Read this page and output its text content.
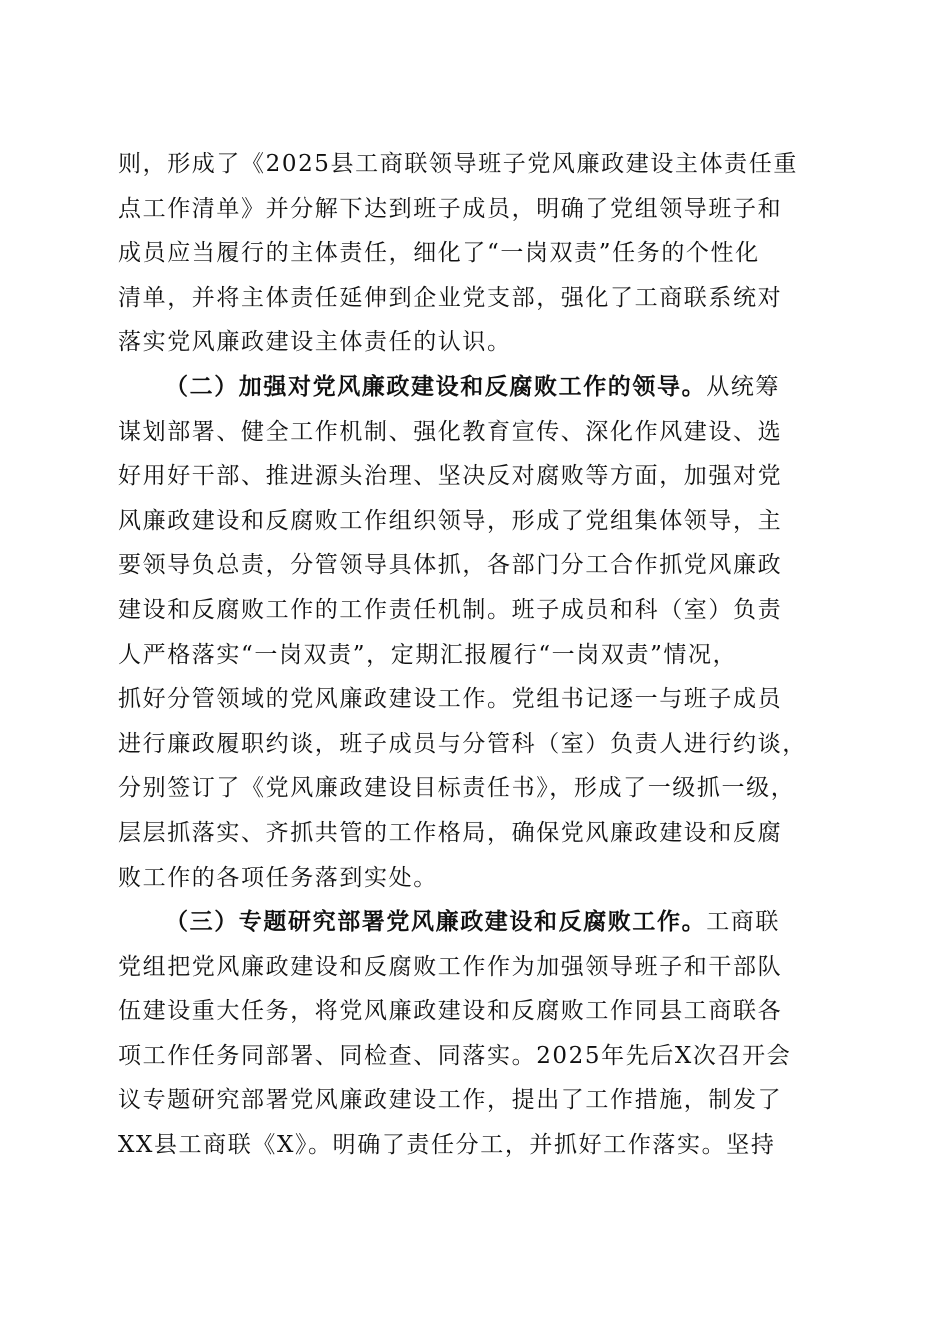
则，形成了《2025县工商联领导班子党风廉政建设主体责任重
点工作清单》并分解下达到班子成员，明确了党组领导班子和
成员应当履行的主体责任，细化了“一岗双责”任务的个性化
清单，并将主体责任延伸到企业党支部，强化了工商联系统对
落实党风廉政建设主体责任的认识。
（二）加强对党风廉政建设和反腐败工作的领导。从统筹
谋划部署、健全工作机制、强化教育宣传、深化作风建设、选
好用好干部、推进源头治理、坚决反对腐败等方面，加强对党
风廉政建设和反腐败工作组织领导，形成了党组集体领导，主
要领导负总责，分管领导具体抓，各部门分工合作抓党风廉政
建设和反腐败工作的工作责任机制。班子成员和科（室）负责
人严格落实“一岗双责”，定期汇报履行“一岗双责”情况，
抓好分管领域的党风廉政建设工作。党组书记逐一与班子成员
进行廉政履职约谈，班子成员与分管科（室）负责人进行约谈，
分别签订了《党风廉政建设目标责任书》，形成了一级抓一级，
层层抓落实、齐抓共管的工作格局，确保党风廉政建设和反腐
败工作的各项任务落到实处。
（三）专题研究部署党风廉政建设和反腐败工作。工商联
党组把党风廉政建设和反腐败工作作为加强领导班子和干部队
伍建设重大任务，将党风廉政建设和反腐败工作同县工商联各
项工作任务同部署、同检查、同落实。2025年先后X次召开会
议专题研究部署党风廉政建设工作，提出了工作措施，制发了
XX县工商联《X》。明确了责任分工，并抓好工作落实。坚持
